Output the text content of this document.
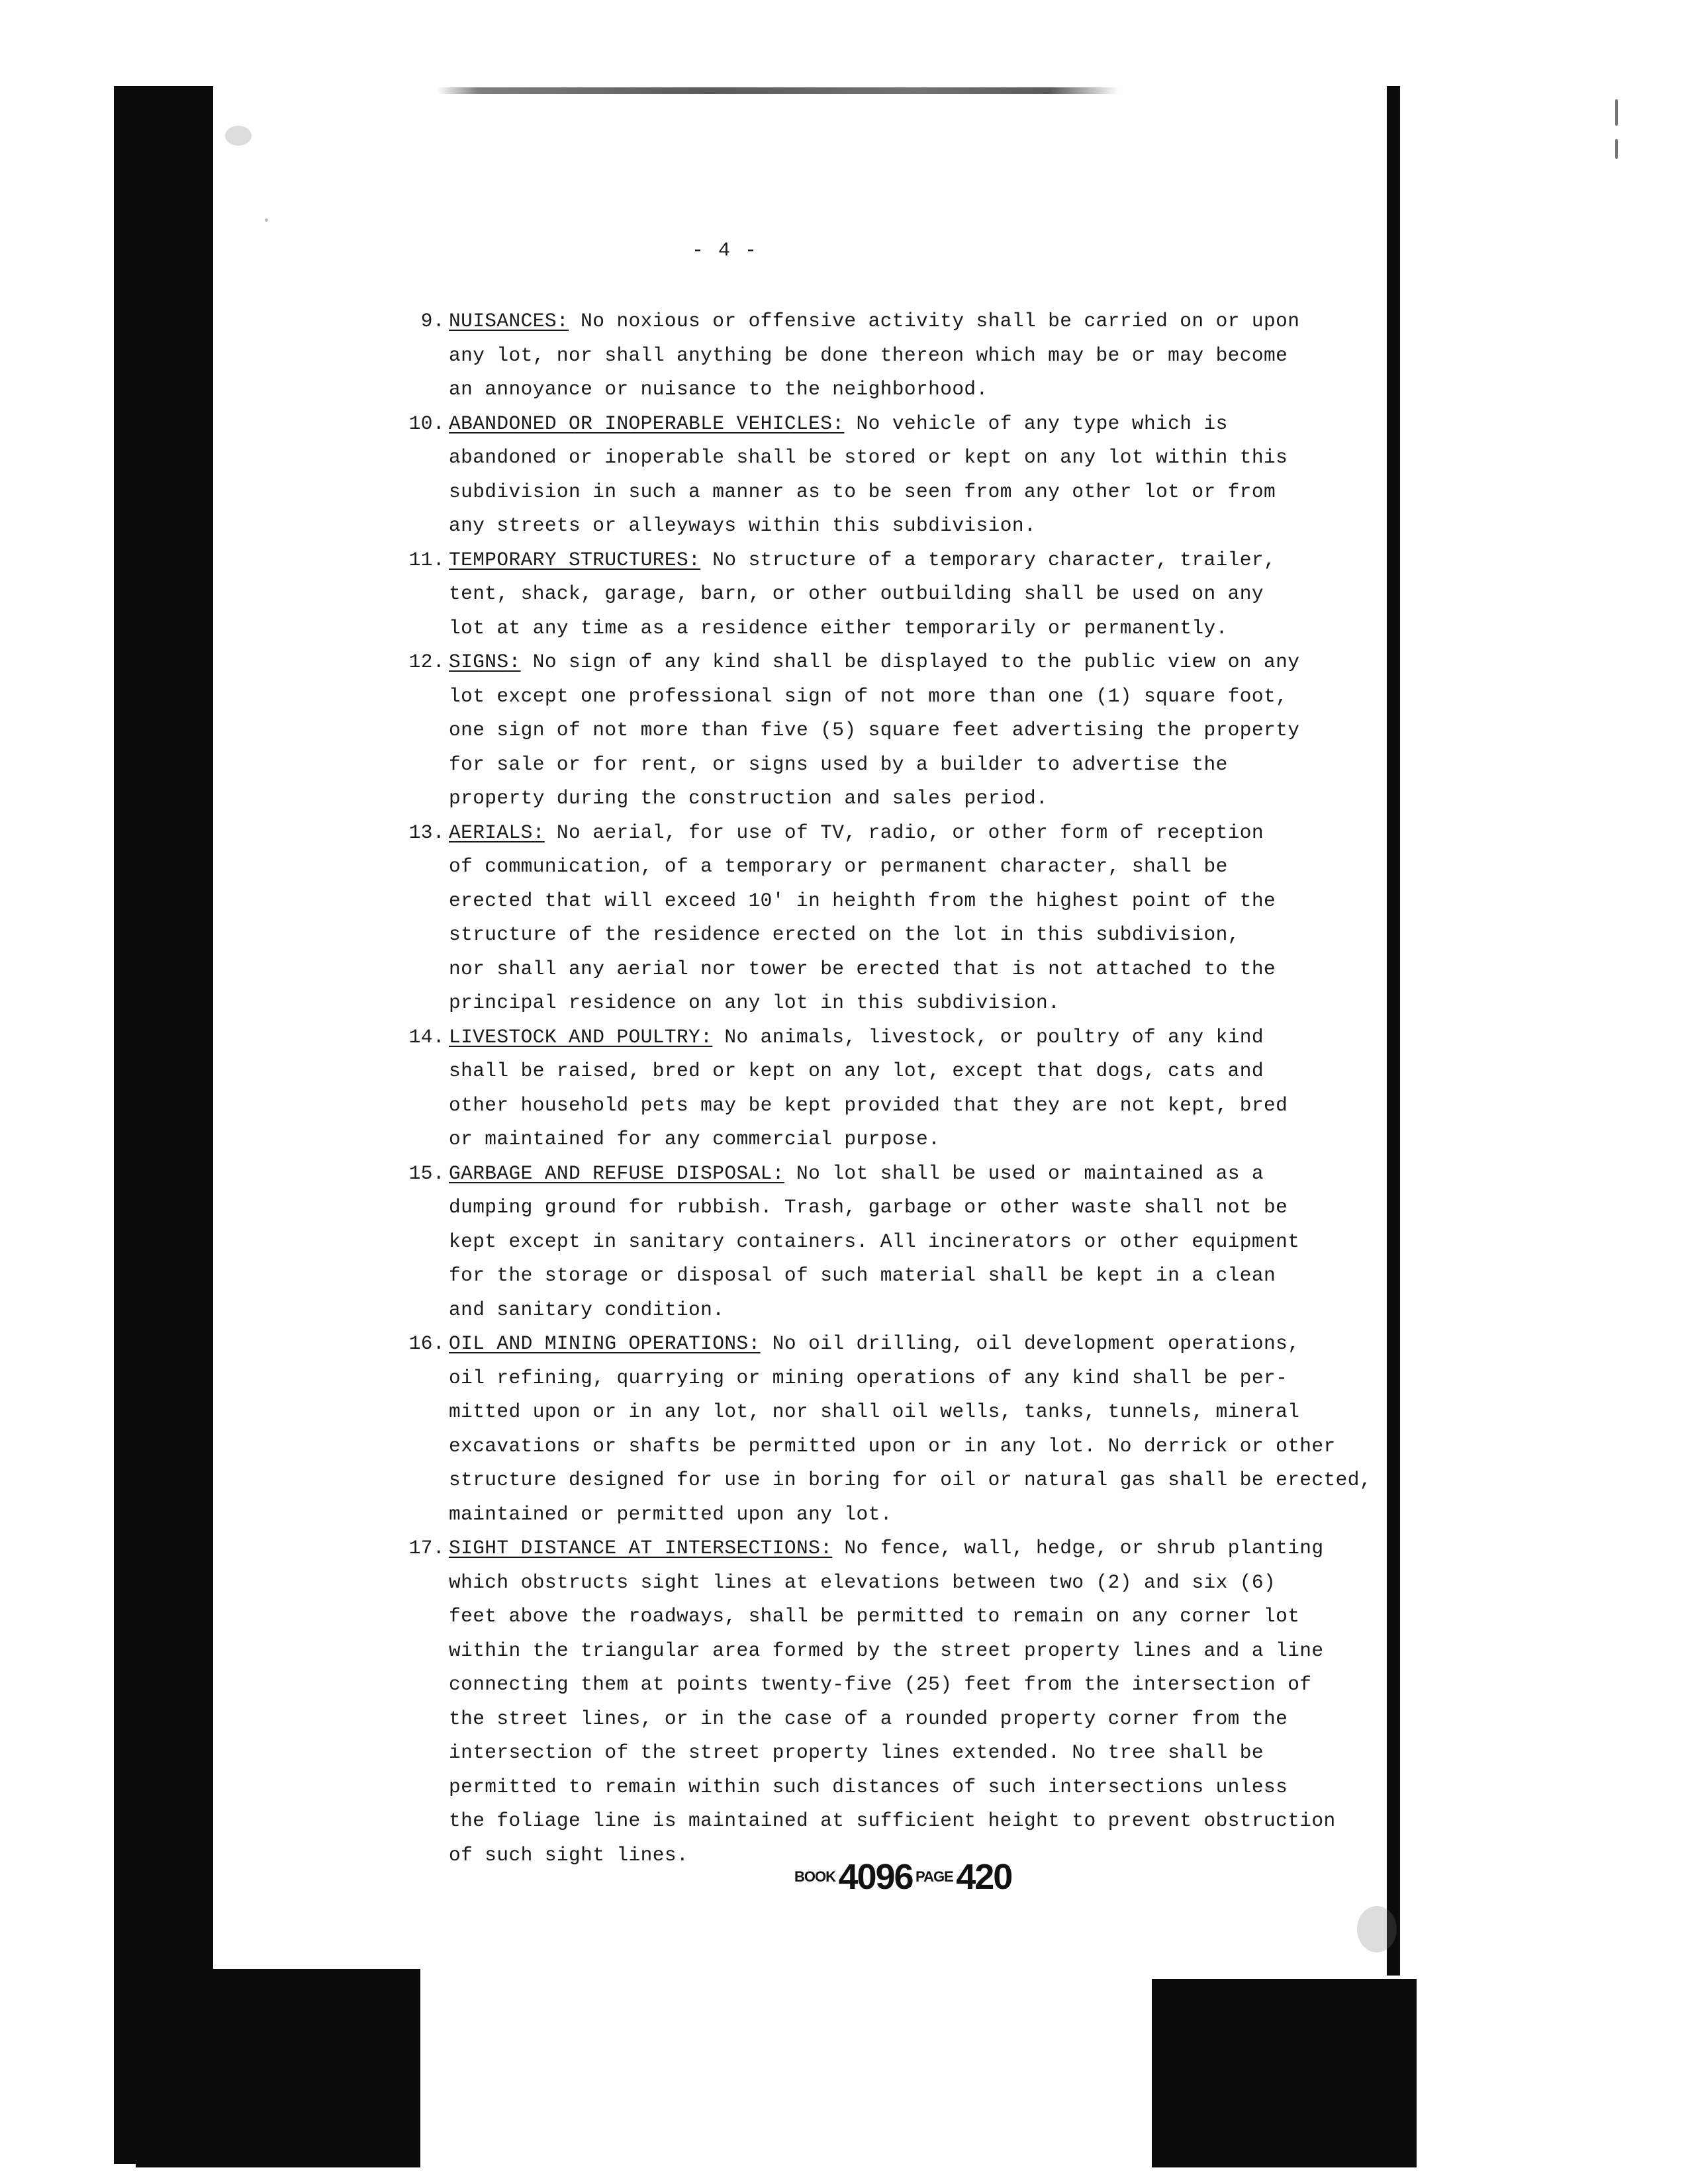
- 4 -
9. NUISANCES: No noxious or offensive activity shall be carried on or upon
any lot, nor shall anything be done thereon which may be or may become
an annoyance or nuisance to the neighborhood.

10. ABANDONED OR INOPERABLE VEHICLES: No vehicle of any type which is
abandoned or inoperable shall be stored or kept on any lot within this
subdivision in such a manner as to be seen from any other lot or from
any streets or alleyways within this subdivision.

11. TEMPORARY STRUCTURES: No structure of a temporary character, trailer,
tent, shack, garage, barn, or other outbuilding shall be used on any
lot at any time as a residence either temporarily or permanently.

12. SIGNS: No sign of any kind shall be displayed to the public view on any
lot except one professional sign of not more than one (1) square foot,
one sign of not more than five (5) square feet advertising the property
for sale or for rent, or signs used by a builder to advertise the
property during the construction and sales period.

13. AERIALS: No aerial, for use of TV, radio, or other form of reception
of communication, of a temporary or permanent character, shall be
erected that will exceed 10' in heighth from the highest point of the
structure of the residence erected on the lot in this subdivision,
nor shall any aerial nor tower be erected that is not attached to the
principal residence on any lot in this subdivision.

14. LIVESTOCK AND POULTRY: No animals, livestock, or poultry of any kind
shall be raised, bred or kept on any lot, except that dogs, cats and
other household pets may be kept provided that they are not kept, bred
or maintained for any commercial purpose.

15. GARBAGE AND REFUSE DISPOSAL: No lot shall be used or maintained as a
dumping ground for rubbish. Trash, garbage or other waste shall not be
kept except in sanitary containers. All incinerators or other equipment
for the storage or disposal of such material shall be kept in a clean
and sanitary condition.

16. OIL AND MINING OPERATIONS: No oil drilling, oil development operations,
oil refining, quarrying or mining operations of any kind shall be per-
mitted upon or in any lot, nor shall oil wells, tanks, tunnels, mineral
excavations or shafts be permitted upon or in any lot. No derrick or other
structure designed for use in boring for oil or natural gas shall be erected,
maintained or permitted upon any lot.

17. SIGHT DISTANCE AT INTERSECTIONS: No fence, wall, hedge, or shrub planting
which obstructs sight lines at elevations between two (2) and six (6)
feet above the roadways, shall be permitted to remain on any corner lot
within the triangular area formed by the street property lines and a line
connecting them at points twenty-five (25) feet from the intersection of
the street lines, or in the case of a rounded property corner from the
intersection of the street property lines extended. No tree shall be
permitted to remain within such distances of such intersections unless
the foliage line is maintained at sufficient height to prevent obstruction
of such sight lines.

BOOK 4096 PAGE 420
